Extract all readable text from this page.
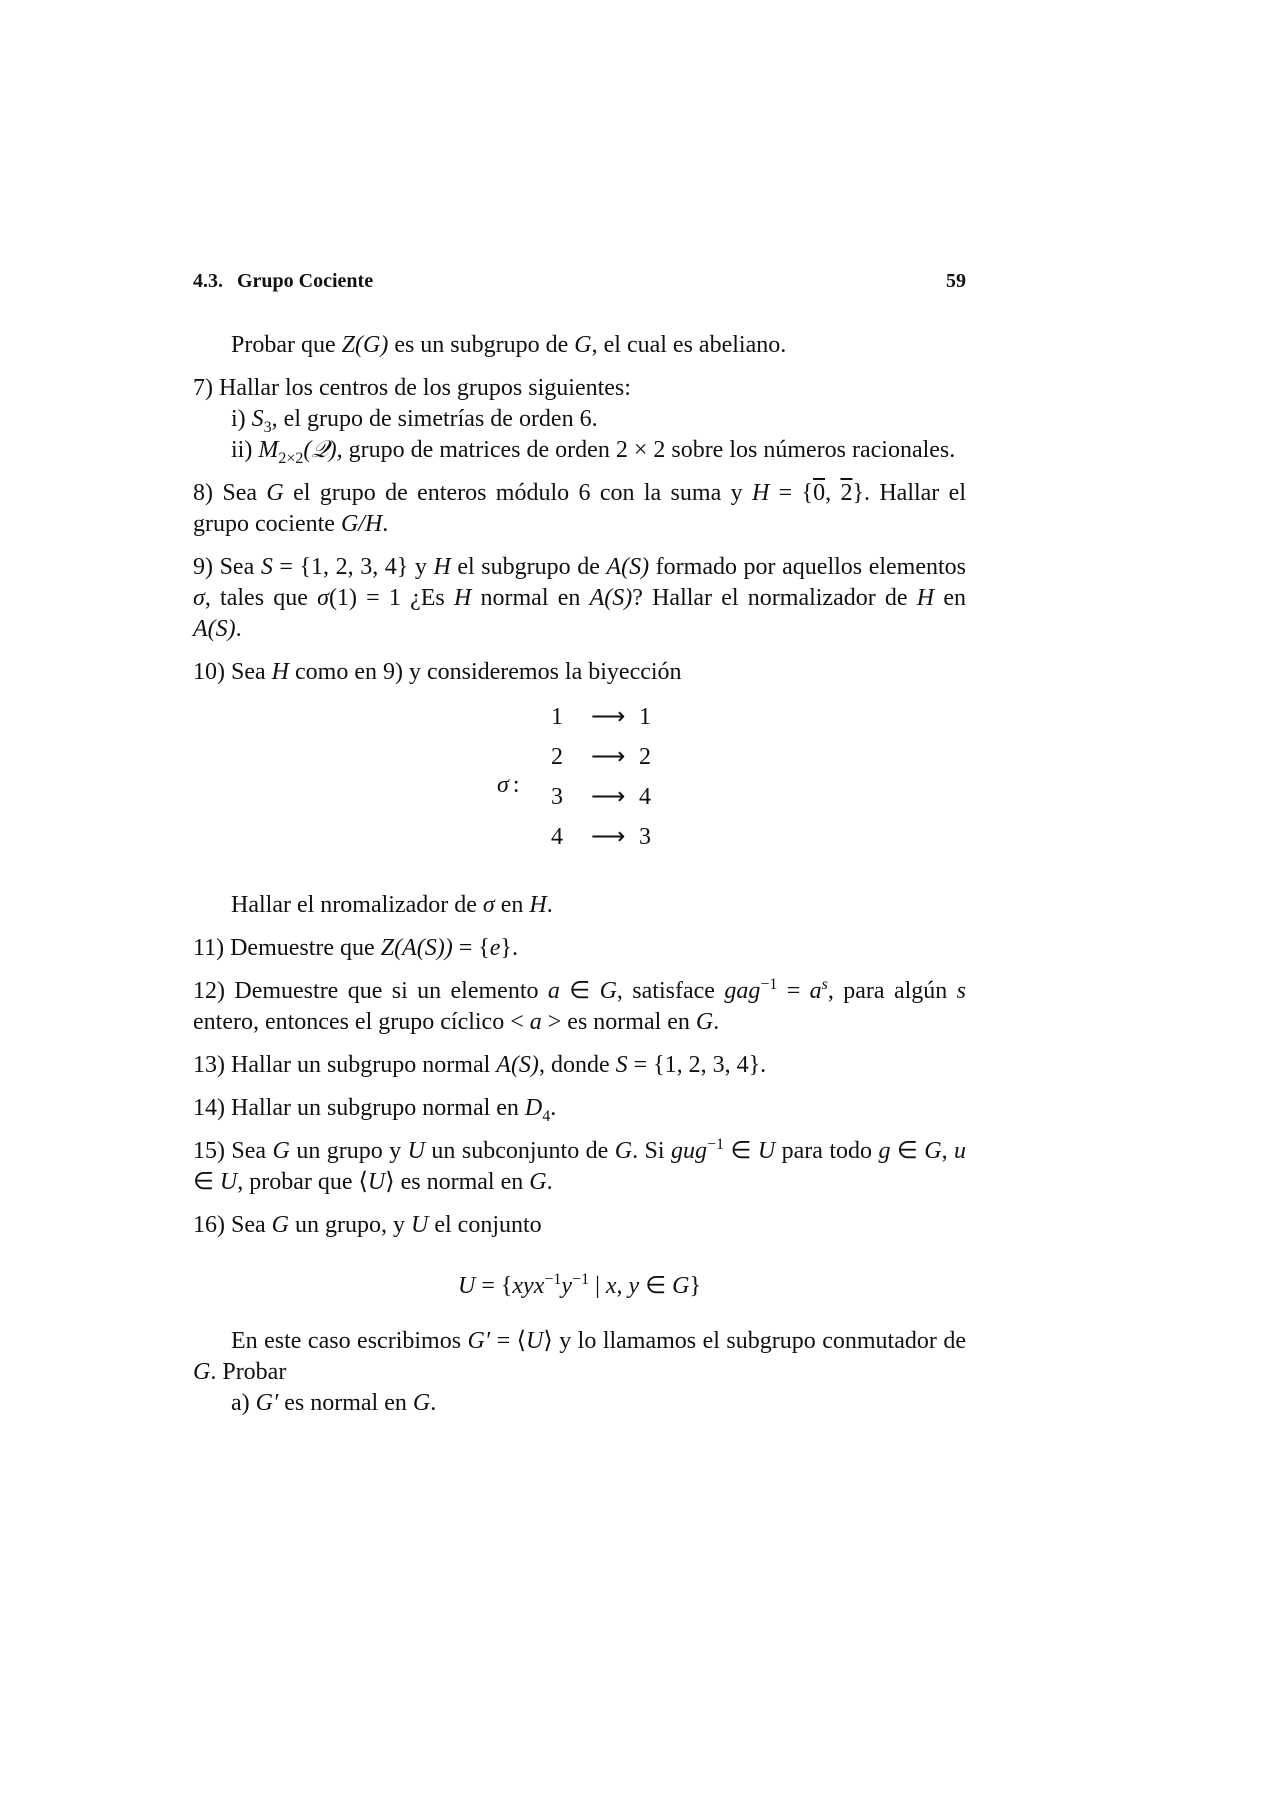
4.3. Grupo Cociente	59

Probar que Z(G) es un subgrupo de G, el cual es abeliano.

7) Hallar los centros de los grupos siguientes:
i) $S_3$, el grupo de simetrías de orden 6.
ii) $M_{2\times 2}(𝒬)$, grupo de matrices de orden 2 × 2 sobre los números racionales.

8) Sea G el grupo de enteros módulo 6 con la suma y H = {0, 2}. Hallar el grupo cociente G/H.

9) Sea S = {1, 2, 3, 4} y H el subgrupo de A(S) formado por aquellos elementos σ, tales que σ(1) = 1 ¿Es H normal en A(S)? Hallar el normalizador de H en A(S).

10) Sea H como en 9) y consideremos la biyección

σ :
1	⟶ 1
2	⟶ 2
3	⟶ 4
4	⟶ 3

Hallar el nromalizador de σ en H.

11) Demuestre que Z(A(S)) = {e}.

12) Demuestre que si un elemento a ∈ G, satisface $gag^{-1} = a^s$, para algún s entero, entonces el grupo cíclico < a > es normal en G.

13) Hallar un subgrupo normal A(S), donde S = {1, 2, 3, 4}.

14) Hallar un subgrupo normal en $D_4$.

15) Sea G un grupo y U un subconjunto de G. Si gug$^{-1}$ ∈ U para todo g ∈ G, u ∈ U, probar que ⟨U⟩ es normal en G.

16) Sea G un grupo, y U el conjunto

$U = \{xyx^{-1}y^{-1}$ | x, y ∈ G}

En este caso escribimos G′ = ⟨U⟩ y lo llamamos el subgrupo conmutador de G. Probar

a) G′ es normal en G.
